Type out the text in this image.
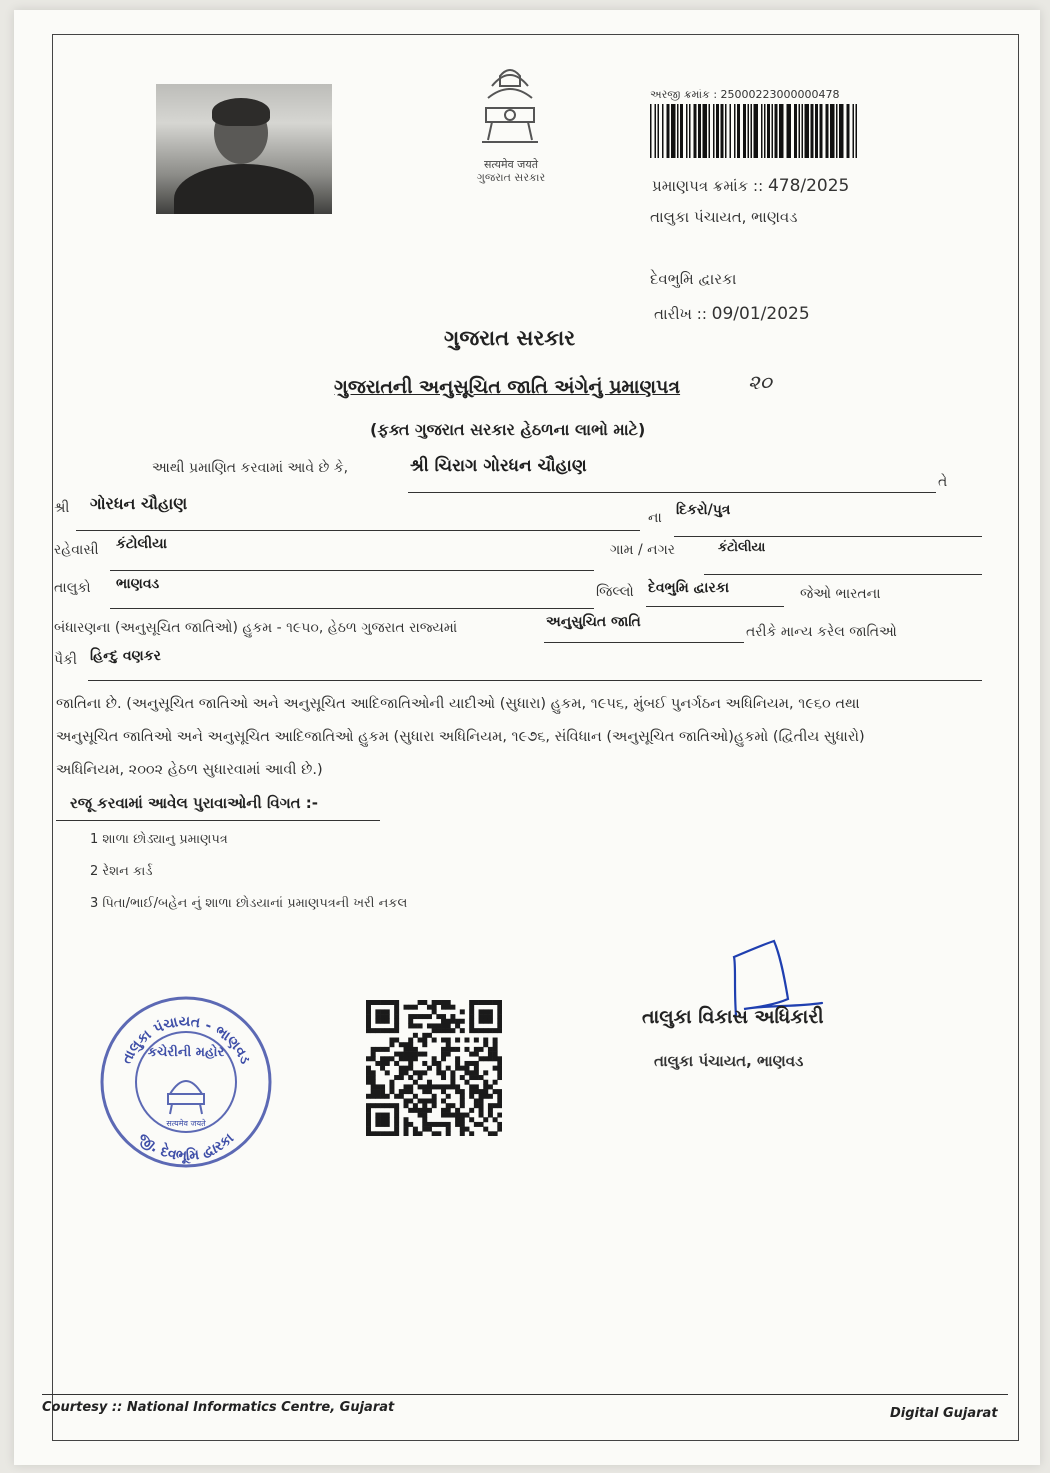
सत्यमेव जयते
ગુજરાત સરકાર
અરજી ક્રમાંક : 25000223000000478
પ્રમાણપત્ર ક્રમાંક :: 478/2025
તાલુકા પંચાયત, ભાણવડ
દેવભુમિ દ્વારકા
તારીખ :: 09/01/2025
ગુજરાત સરકાર
ગુજરાતની અનુસૂચિત જાતિ અંગેનું પ્રમાણપત્ર	૨૦
(ફક્ત ગુજરાત સરકાર હેઠળના લાભો માટે)
આથી પ્રમાણિત કરવામાં આવે છે કે,	શ્રી ચિરાગ ગોરધન ચૌહાણ
તે
શ્રી ગોરધન ચૌહાણ
ના દિકરો/પુત્ર
રહેવાસી કંટોલીયા	ગામ / નગર	કંટોલીયા
તાલુકો ભાણવડ	જિલ્લો દેવભુમિ દ્વારકા	જેઓ ભારતના
બંધારણના (અનુસૂચિત જાતિઓ) હુકમ - ૧૯૫૦, હેઠળ ગુજરાત રાજ્યમાં	અનુસુચિત જાતિ
તરીકે માન્ય કરેલ જાતિઓ
પૈકી હિન્દુ વણકર
જાતિના છે. (અનુસૂચિત જાતિઓ અને અનુસૂચિત આદિજાતિઓની યાદીઓ (સુધારા) હુકમ, ૧૯૫૬, મુંબઈ પુનર્ગઠન અધિનિયમ, ૧૯૬૦ તથા
અનુસૂચિત જાતિઓ અને અનુસૂચિત આદિજાતિઓ હુકમ (સુધારા અધિનિયમ, ૧૯૭૬, સંવિધાન (અનુસૂચિત જાતિઓ)હુકમો (દ્વિતીય સુધારો)
અધિનિયમ, ૨૦૦૨ હેઠળ સુધારવામાં આવી છે.)
રજૂ કરવામાં આવેલ પુરાવાઓની વિગત :-
1 શાળા છોડ્યાનુ પ્રમાણપત્ર
2 રેશન કાર્ડ
3 પિતા/ભાઈ/બહેન નું શાળા છોડયાનાં પ્રમાણપત્રની ખરી નકલ
તાલુકા પંચાયત - ભાણવડ
જી. દેવભૂમિ દ્વારકા
કચેરીની મહોર
सत्यमेव जयते
તાલુકા વિકાસ અધિકારી
તાલુકા પંચાયત, ભાણવડ
Courtesy :: National Informatics Centre, Gujarat	Digital Gujarat
